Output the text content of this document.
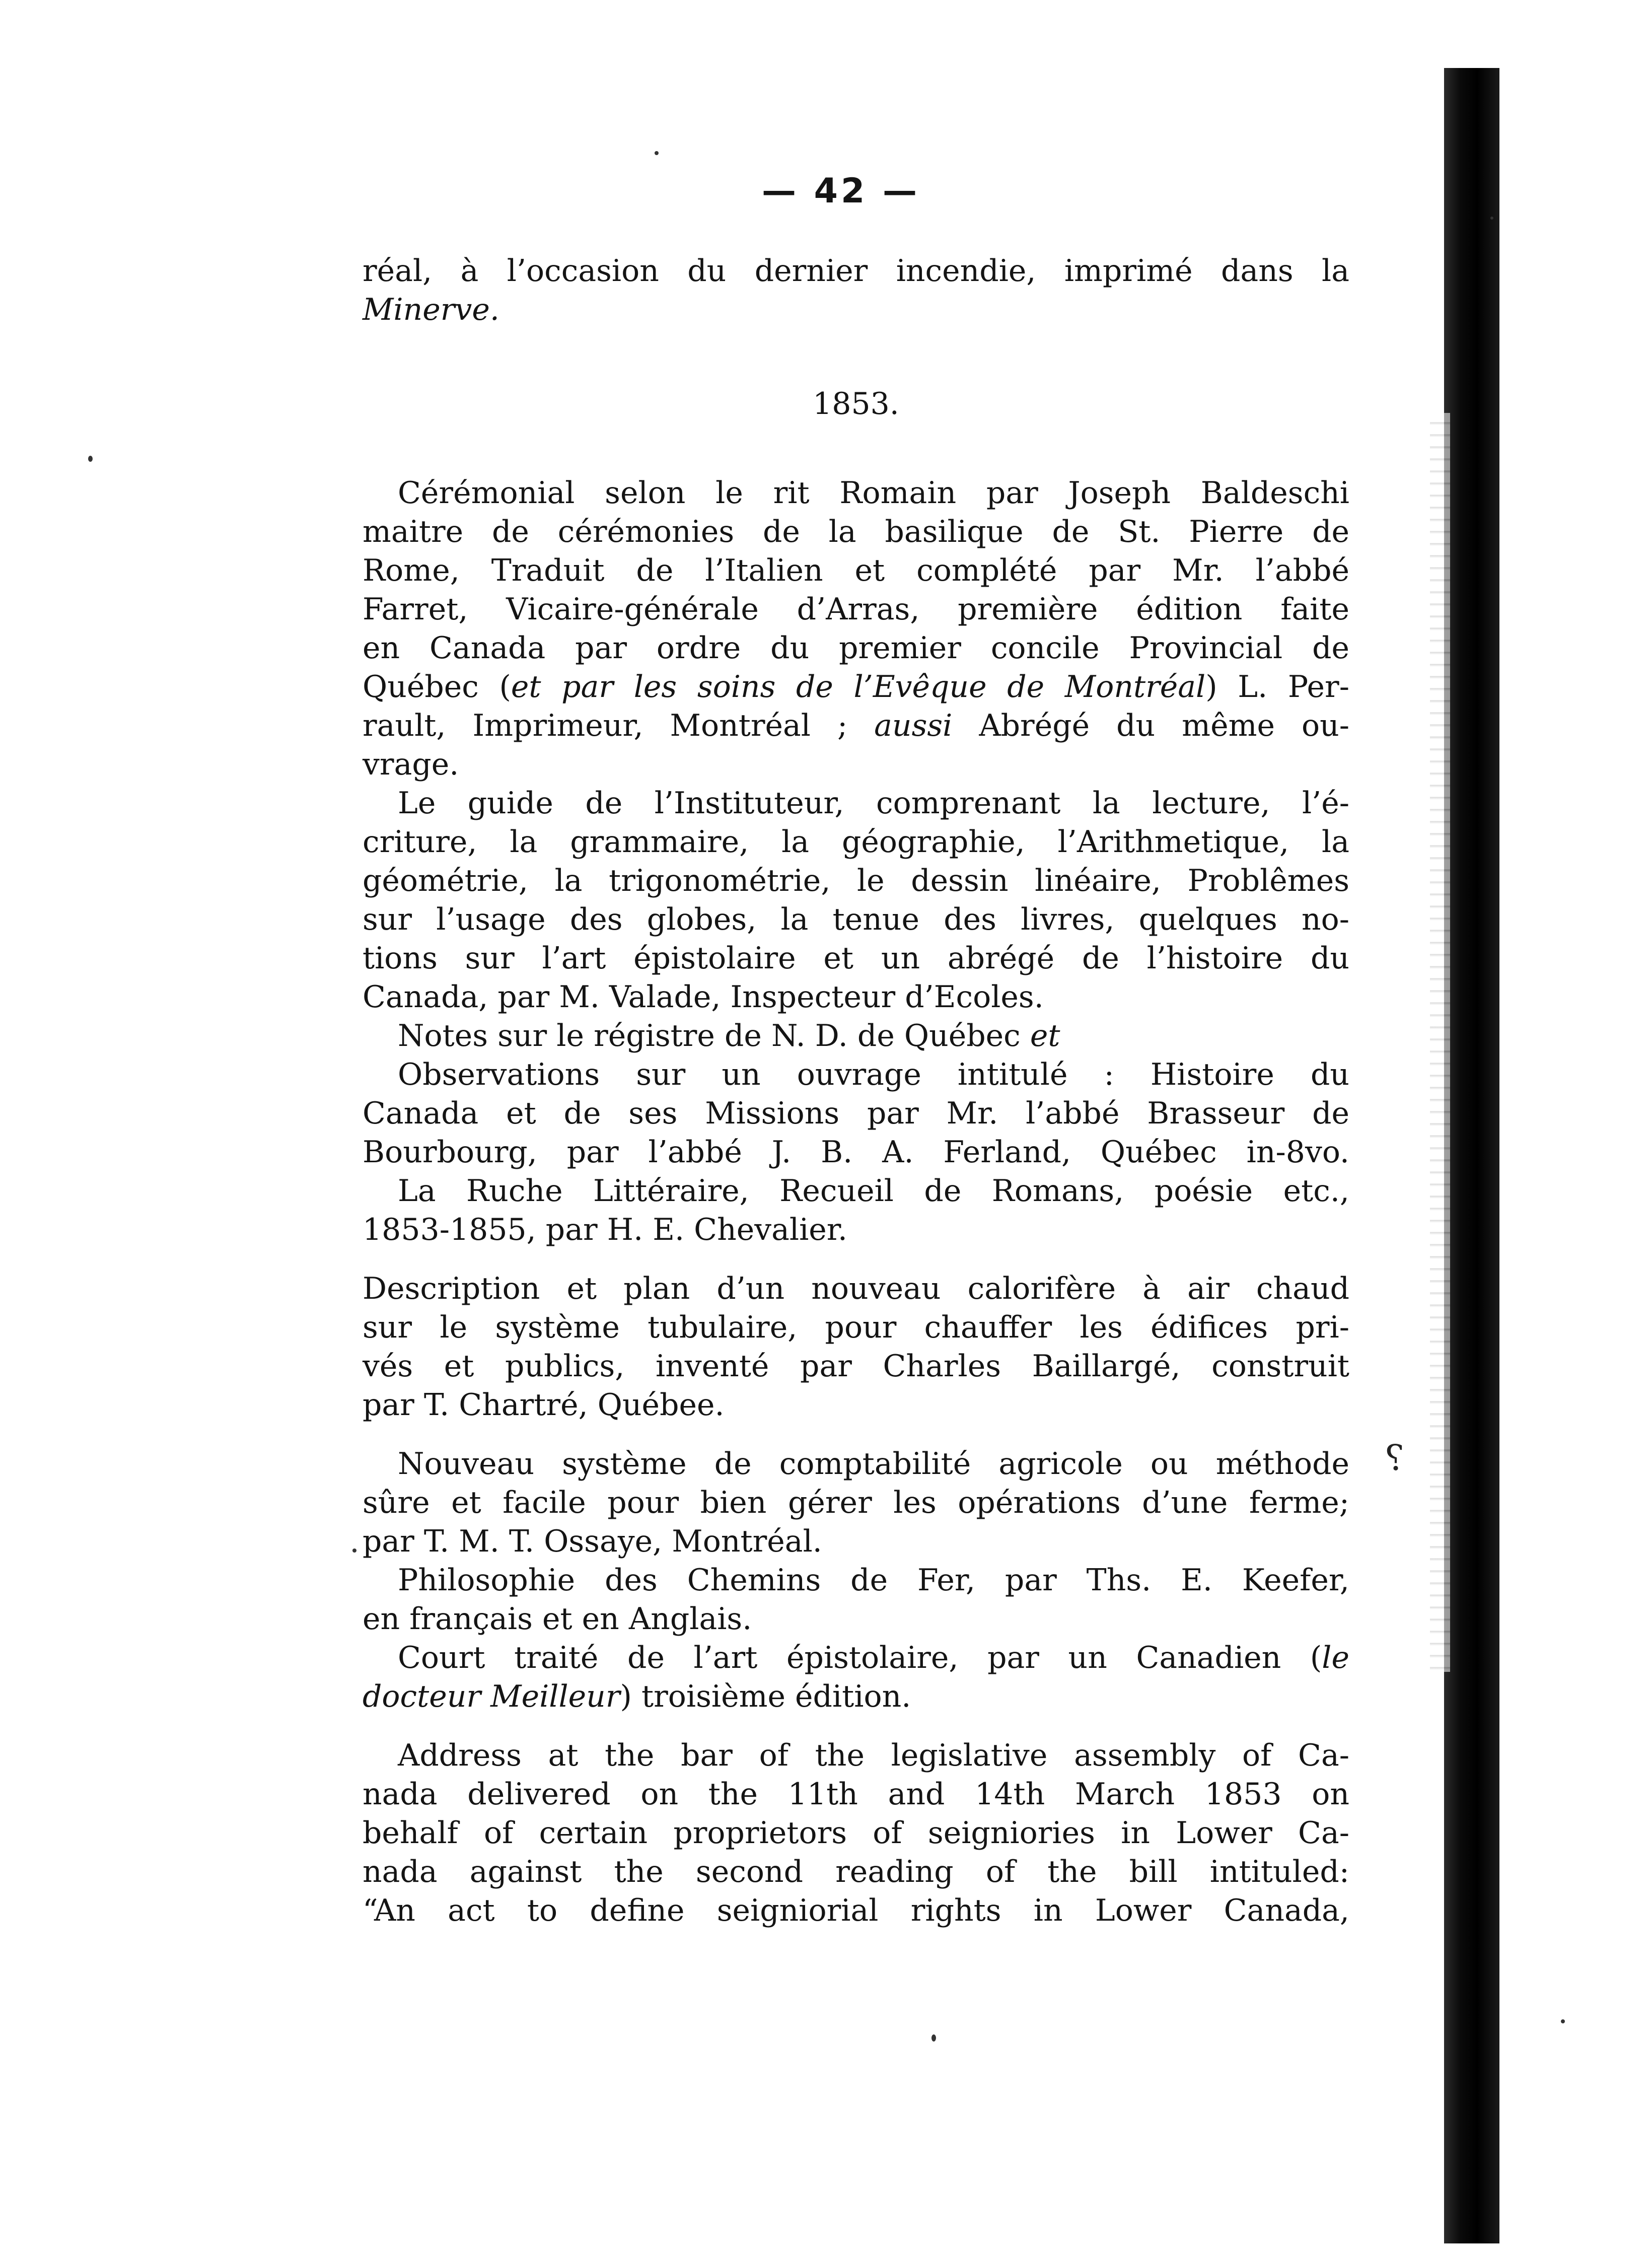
— 42 —
réal, à l’occasion du dernier incendie, imprimé dans la
Minerve.
1853.
Cérémonial selon le rit Romain par Joseph Baldeschi
maitre de cérémonies de la basilique de St. Pierre de
Rome, Traduit de l’Italien et complété par Mr. l’abbé
Farret, Vicaire-générale d’Arras, première édition faite
en Canada par ordre du premier concile Provincial de
Québec (et par les soins de l’Evêque de Montréal) L. Per-
rault, Imprimeur, Montréal ; aussi Abrégé du même ou-
vrage.
Le guide de l’Instituteur, comprenant la lecture, l’é-
criture, la grammaire, la géographie, l’Arithmetique, la
géométrie, la trigonométrie, le dessin linéaire, Problêmes
sur l’usage des globes, la tenue des livres, quelques no-
tions sur l’art épistolaire et un abrégé de l’histoire du
Canada, par M. Valade, Inspecteur d’Ecoles.
Notes sur le régistre de N. D. de Québec et
Observations sur un ouvrage intitulé : Histoire du
Canada et de ses Missions par Mr. l’abbé Brasseur de
Bourbourg, par l’abbé J. B. A. Ferland, Québec in-8vo.
La Ruche Littéraire, Recueil de Romans, poésie etc.,
1853-1855, par H. E. Chevalier.
Description et plan d’un nouveau calorifère à air chaud
sur le système tubulaire, pour chauffer les édifices pri-
vés et publics, inventé par Charles Baillargé, construit
par T. Chartré, Québee.
Nouveau système de comptabilité agricole ou méthode
sûre et facile pour bien gérer les opérations d’une ferme;
par T. M. T. Ossaye, Montréal.
Philosophie des Chemins de Fer, par Ths. E. Keefer,
en français et en Anglais.
Court traité de l’art épistolaire, par un Canadien (le
docteur Meilleur) troisième édition.
Address at the bar of the legislative assembly of Ca-
nada delivered on the 11th and 14th March 1853 on
behalf of certain proprietors of seigniories in Lower Ca-
nada against the second reading of the bill intituled:
“An act to define seigniorial rights in Lower Canada,
⸮
